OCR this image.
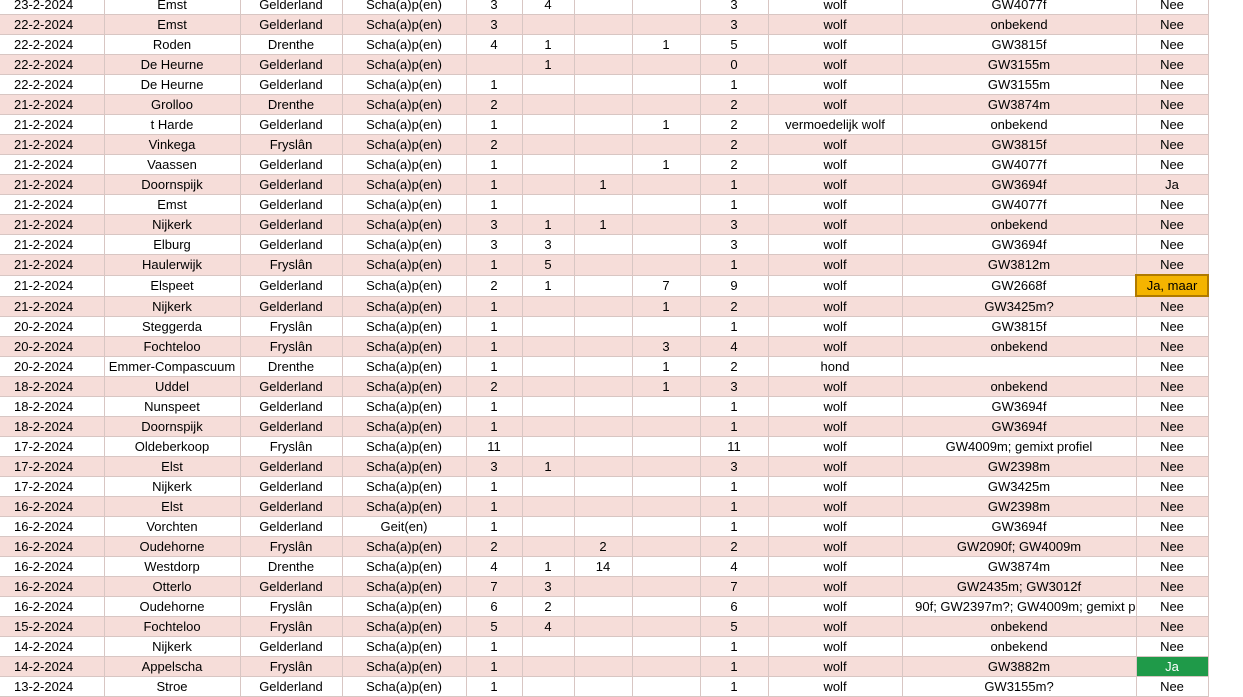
23-2-2024	Emst	Gelderland	Scha(a)p(en)	3	4			3	wolf	GW4077f	Nee
22-2-2024	Emst	Gelderland	Scha(a)p(en)	3				3	wolf	onbekend	Nee
22-2-2024	Roden	Drenthe	Scha(a)p(en)	4	1		1	5	wolf	GW3815f	Nee
22-2-2024	De Heurne	Gelderland	Scha(a)p(en)		1			0	wolf	GW3155m	Nee
22-2-2024	De Heurne	Gelderland	Scha(a)p(en)	1				1	wolf	GW3155m	Nee
21-2-2024	Grolloo	Drenthe	Scha(a)p(en)	2				2	wolf	GW3874m	Nee
21-2-2024	t Harde	Gelderland	Scha(a)p(en)	1			1	2	vermoedelijk wolf	onbekend	Nee
21-2-2024	Vinkega	Fryslân	Scha(a)p(en)	2				2	wolf	GW3815f	Nee
21-2-2024	Vaassen	Gelderland	Scha(a)p(en)	1			1	2	wolf	GW4077f	Nee
21-2-2024	Doornspijk	Gelderland	Scha(a)p(en)	1		1		1	wolf	GW3694f	Ja
21-2-2024	Emst	Gelderland	Scha(a)p(en)	1				1	wolf	GW4077f	Nee
21-2-2024	Nijkerk	Gelderland	Scha(a)p(en)	3	1	1		3	wolf	onbekend	Nee
21-2-2024	Elburg	Gelderland	Scha(a)p(en)	3	3			3	wolf	GW3694f	Nee
21-2-2024	Haulerwijk	Fryslân	Scha(a)p(en)	1	5			1	wolf	GW3812m	Nee
21-2-2024	Elspeet	Gelderland	Scha(a)p(en)	2	1		7	9	wolf	GW2668f	Ja, maar
21-2-2024	Nijkerk	Gelderland	Scha(a)p(en)	1			1	2	wolf	GW3425m?	Nee
20-2-2024	Steggerda	Fryslân	Scha(a)p(en)	1				1	wolf	GW3815f	Nee
20-2-2024	Fochteloo	Fryslân	Scha(a)p(en)	1			3	4	wolf	onbekend	Nee
20-2-2024	Emmer-Compascuum	Drenthe	Scha(a)p(en)	1			1	2	hond		Nee
18-2-2024	Uddel	Gelderland	Scha(a)p(en)	2			1	3	wolf	onbekend	Nee
18-2-2024	Nunspeet	Gelderland	Scha(a)p(en)	1				1	wolf	GW3694f	Nee
18-2-2024	Doornspijk	Gelderland	Scha(a)p(en)	1				1	wolf	GW3694f	Nee
17-2-2024	Oldeberkoop	Fryslân	Scha(a)p(en)	11				11	wolf	GW4009m; gemixt profiel	Nee
17-2-2024	Elst	Gelderland	Scha(a)p(en)	3	1			3	wolf	GW2398m	Nee
17-2-2024	Nijkerk	Gelderland	Scha(a)p(en)	1				1	wolf	GW3425m	Nee
16-2-2024	Elst	Gelderland	Scha(a)p(en)	1				1	wolf	GW2398m	Nee
16-2-2024	Vorchten	Gelderland	Geit(en)	1				1	wolf	GW3694f	Nee
16-2-2024	Oudehorne	Fryslân	Scha(a)p(en)	2		2		2	wolf	GW2090f; GW4009m	Nee
16-2-2024	Westdorp	Drenthe	Scha(a)p(en)	4	1	14		4	wolf	GW3874m	Nee
16-2-2024	Otterlo	Gelderland	Scha(a)p(en)	7	3			7	wolf	GW2435m; GW3012f	Nee
16-2-2024	Oudehorne	Fryslân	Scha(a)p(en)	6	2			6	wolf	90f; GW2397m?; GW4009m; gemixt p	Nee
15-2-2024	Fochteloo	Fryslân	Scha(a)p(en)	5	4			5	wolf	onbekend	Nee
14-2-2024	Nijkerk	Gelderland	Scha(a)p(en)	1				1	wolf	onbekend	Nee
14-2-2024	Appelscha	Fryslân	Scha(a)p(en)	1				1	wolf	GW3882m	Ja
13-2-2024	Stroe	Gelderland	Scha(a)p(en)	1				1	wolf	GW3155m?	Nee
